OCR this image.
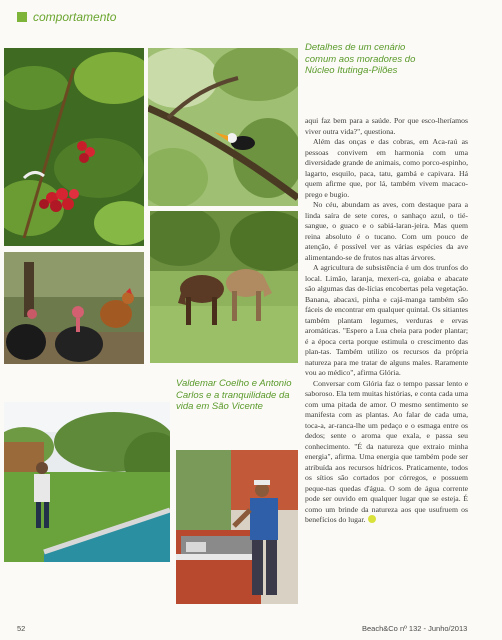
comportamento
Detalhes de um cenário comum aos moradores do Núcleo Itutinga-Pilões
Valdemar Coelho e Antonio Carlos e a tranquilidade da vida em São Vicente

aqui faz bem para a saúde. Por que esco-lheríamos viver outra vida?", questiona.

Além das onças e das cobras, em Aca-raú as pessoas convivem em harmonia com uma diversidade grande de animais, como porco-espinho, lagarto, esquilo, paca, tatu, gambá e capivara. Há quem afirme que, por lá, também vivem macaco-prego e bugio.

No céu, abundam as aves, com destaque para a linda saíra de sete cores, o sanhaço azul, o tié-sangue, o guaco e o sabiá-laran-jeira. Mas quem reina absoluto é o tucano. Com um pouco de atenção, é possível ver as várias espécies da ave alimentando-se de frutos nas altas árvores.

A agricultura de subsistência é um dos trunfos do local. Limão, laranja, mexeri-ca, goiaba e abacate são algumas das de-lícias encobertas pela vegetação. Banana, abacaxi, pinha e cajá-manga também são fáceis de encontrar em qualquer quintal. Os sitiantes também plantam legumes, verduras e ervas aromáticas. "Espero a Lua cheia para poder plantar; é a época certa porque estimula o crescimento das plan-tas. Também utilizo os recursos da própria natureza para me tratar de alguns males. Raramente vou ao médico", afirma Glória.

Conversar com Glória faz o tempo passar lento e saboroso. Ela tem muitas histórias, e conta cada uma com uma pitada de amor. O mesmo sentimento se manifesta com as plantas. Ao falar de cada uma, toca-a, ar-ranca-lhe um pedaço e o esmaga entre os dedos; sente o aroma que exala, e passa seu conhecimento. "É da natureza que extraio minha energia", afirma. Uma energia que também pode ser atribuída aos recursos hídricos. Praticamente, todos os sítios são cortados por córregos, e possuem peque-nas quedas d'água. O som de água corrente pode ser ouvido em qualquer lugar que se esteja. É como um brinde da natureza aos que usufruem os benefícios do lugar.

52	Beach&Co nº 132 - Junho/2013
